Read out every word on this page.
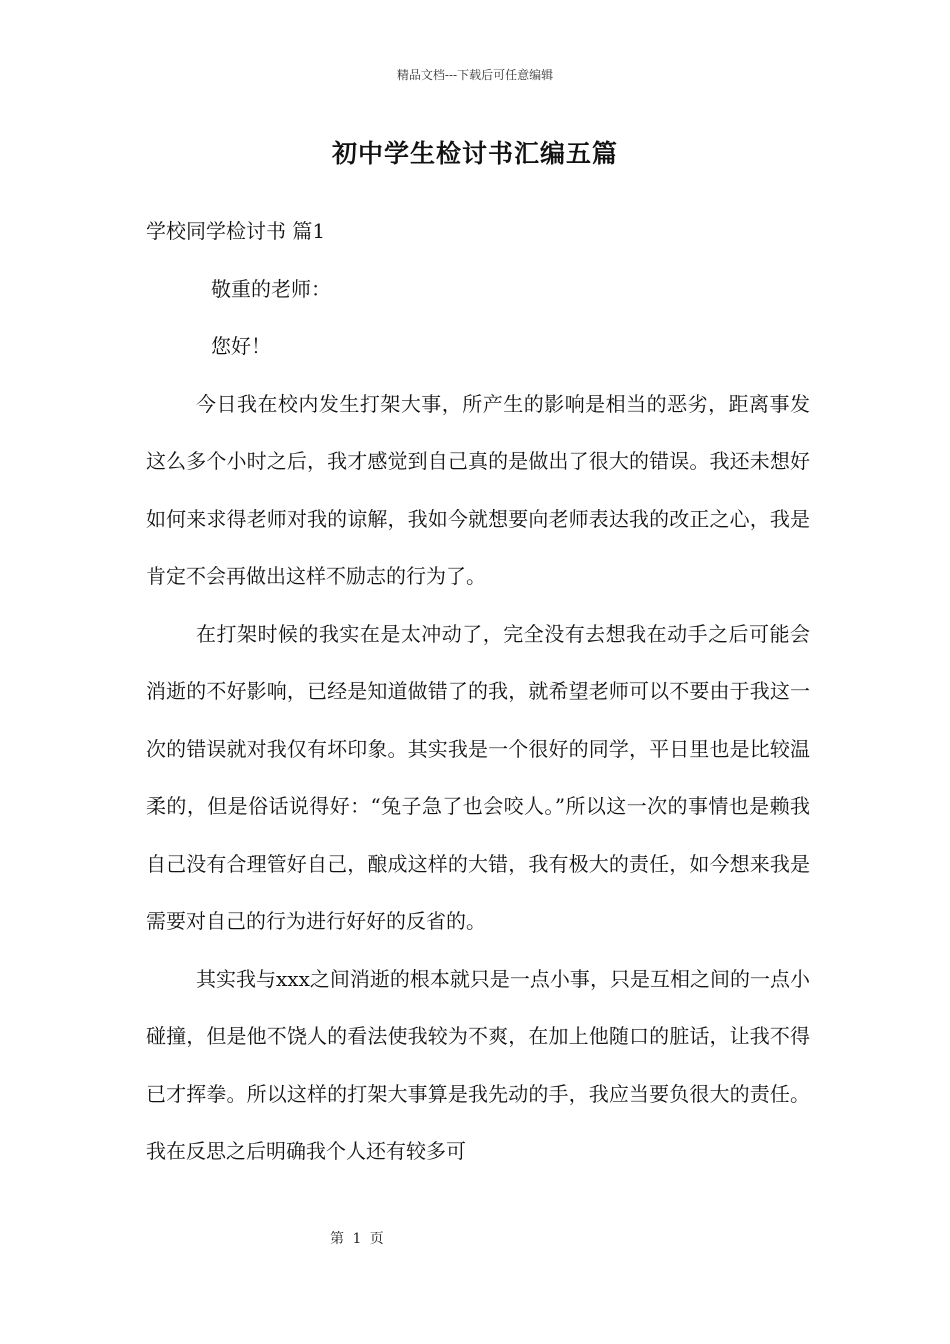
精品文档---下载后可任意编辑
初中学生检讨书汇编五篇

学校同学检讨书 篇1

敬重的老师：

您好！

今日我在校内发生打架大事，所产生的影响是相当的恶劣，距离事发这么多个小时之后，我才感觉到自己真的是做出了很大的错误。我还未想好如何来求得老师对我的谅解，我如今就想要向老师表达我的改正之心，我是肯定不会再做出这样不励志的行为了。

在打架时候的我实在是太冲动了，完全没有去想我在动手之后可能会消逝的不好影响，已经是知道做错了的我，就希望老师可以不要由于我这一次的错误就对我仅有坏印象。其实我是一个很好的同学，平日里也是比较温柔的，但是俗话说得好：“兔子急了也会咬人。”所以这一次的事情也是赖我自己没有合理管好自己，酿成这样的大错，我有极大的责任，如今想来我是需要对自己的行为进行好好的反省的。

其实我与xxx之间消逝的根本就只是一点小事，只是互相之间的一点小碰撞，但是他不饶人的看法使我较为不爽，在加上他随口的脏话，让我不得已才挥拳。所以这样的打架大事算是我先动的手，我应当要负很大的责任。我在反思之后明确我个人还有较多可

第 1 页
